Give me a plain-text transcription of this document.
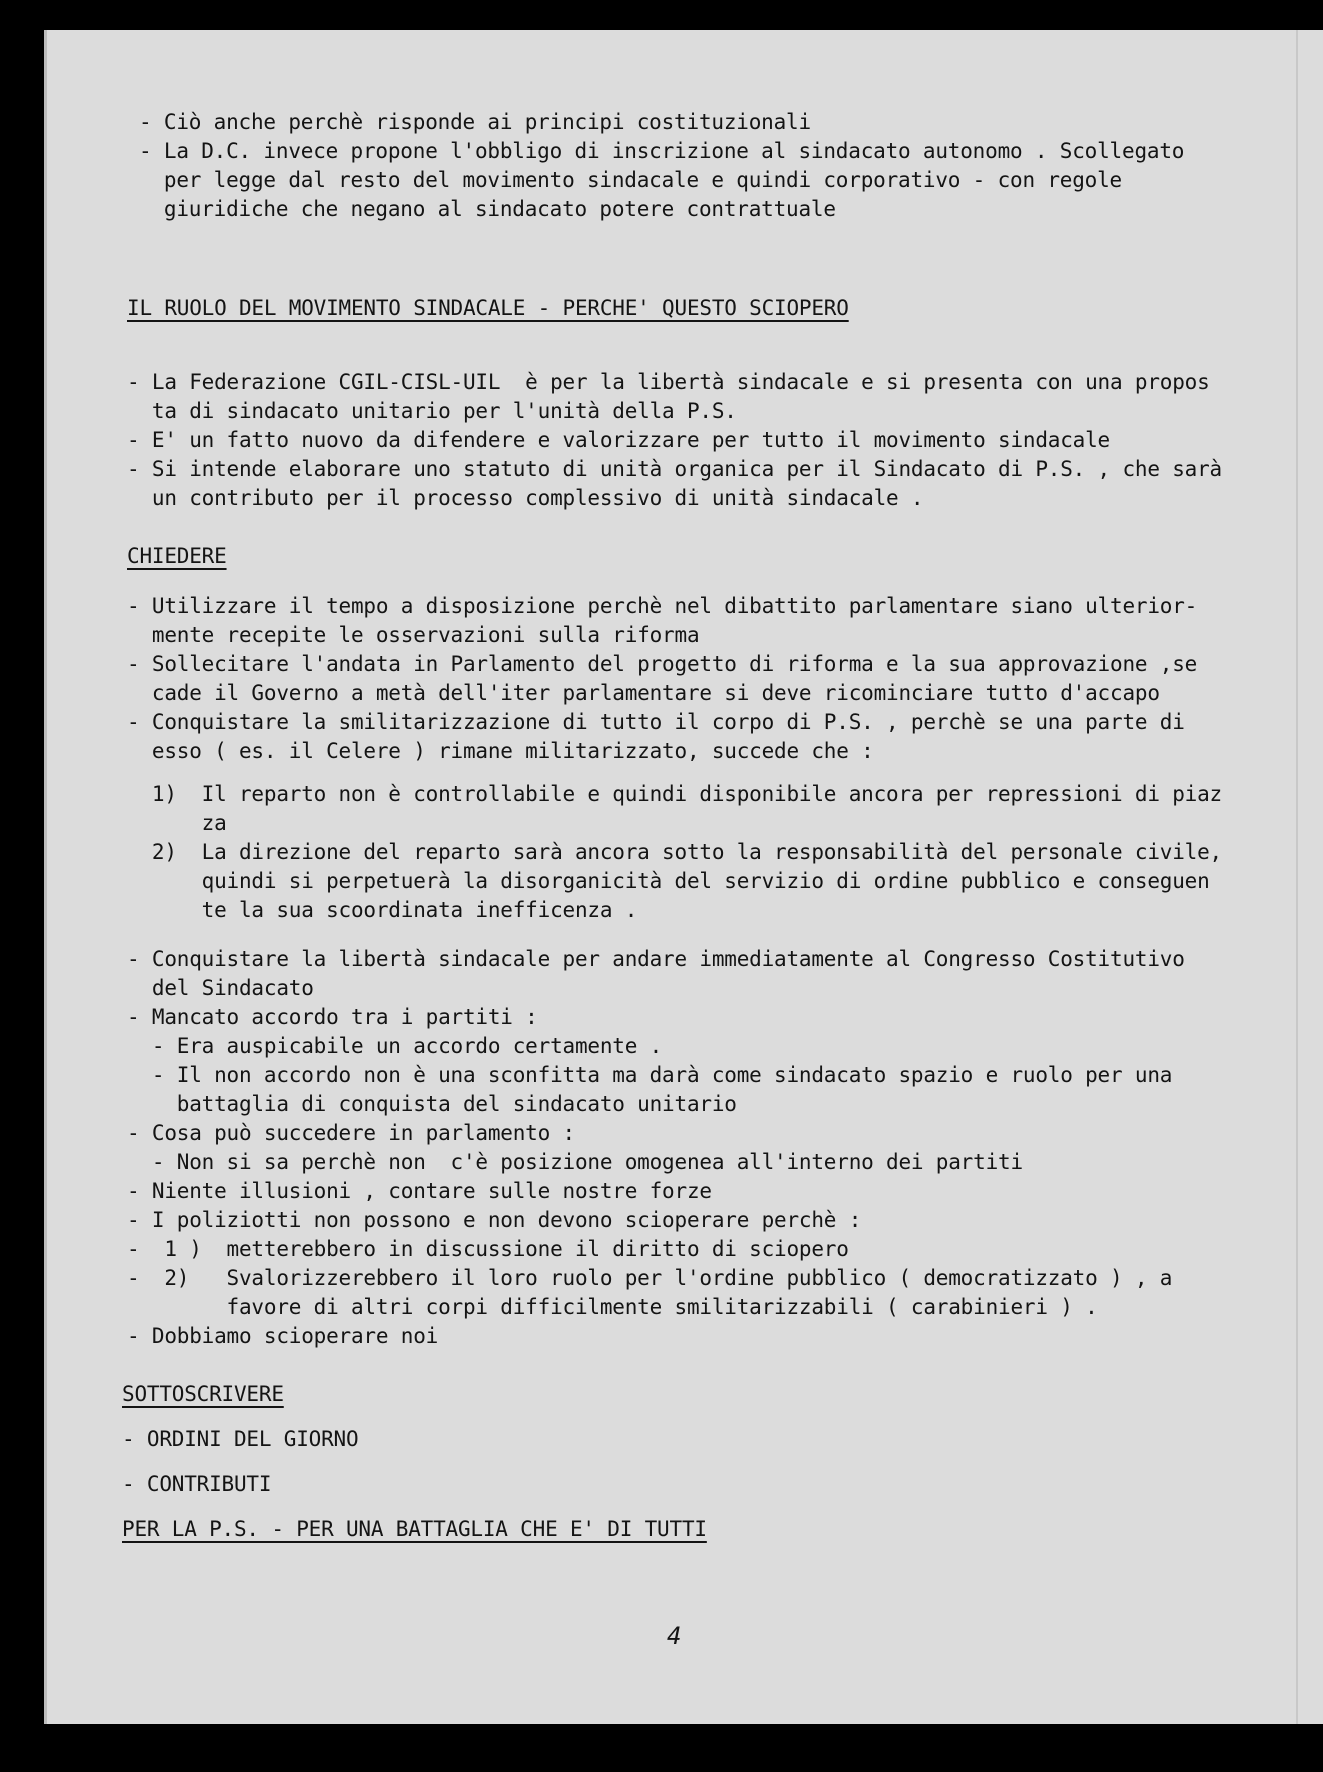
- Ciò anche perchè risponde ai principi costituzionali
- La D.C. invece propone l'obbligo di inscrizione al sindacato autonomo . Scollegato
per legge dal resto del movimento sindacale e quindi corporativo - con regole
giuridiche che negano al sindacato potere contrattuale
IL RUOLO DEL MOVIMENTO SINDACALE - PERCHE' QUESTO SCIOPERO
- La Federazione CGIL-CISL-UIL  è per la libertà sindacale e si presenta con una propos
ta di sindacato unitario per l'unità della P.S.
- E' un fatto nuovo da difendere e valorizzare per tutto il movimento sindacale
- Si intende elaborare uno statuto di unità organica per il Sindacato di P.S. , che sarà
un contributo per il processo complessivo di unità sindacale .
CHIEDERE
- Utilizzare il tempo a disposizione perchè nel dibattito parlamentare siano ulterior-
mente recepite le osservazioni sulla riforma
- Sollecitare l'andata in Parlamento del progetto di riforma e la sua approvazione ,se
cade il Governo a metà dell'iter parlamentare si deve ricominciare tutto d'accapo
- Conquistare la smilitarizzazione di tutto il corpo di P.S. , perchè se una parte di
esso ( es. il Celere ) rimane militarizzato, succede che :
1)  Il reparto non è controllabile e quindi disponibile ancora per repressioni di piaz
za
2)  La direzione del reparto sarà ancora sotto la responsabilità del personale civile,
quindi si perpetuerà la disorganicità del servizio di ordine pubblico e conseguen
te la sua scoordinata inefficenza .
- Conquistare la libertà sindacale per andare immediatamente al Congresso Costitutivo
del Sindacato
- Mancato accordo tra i partiti :
- Era auspicabile un accordo certamente .
- Il non accordo non è una sconfitta ma darà come sindacato spazio e ruolo per una
battaglia di conquista del sindacato unitario
- Cosa può succedere in parlamento :
- Non si sa perchè non  c'è posizione omogenea all'interno dei partiti
- Niente illusioni , contare sulle nostre forze
- I poliziotti non possono e non devono scioperare perchè :
-  1 )  metterebbero in discussione il diritto di sciopero
-  2)   Svalorizzerebbero il loro ruolo per l'ordine pubblico ( democratizzato ) , a
favore di altri corpi difficilmente smilitarizzabili ( carabinieri ) .
- Dobbiamo scioperare noi
SOTTOSCRIVERE
- ORDINI DEL GIORNO
- CONTRIBUTI
PER LA P.S. - PER UNA BATTAGLIA CHE E' DI TUTTI
4
